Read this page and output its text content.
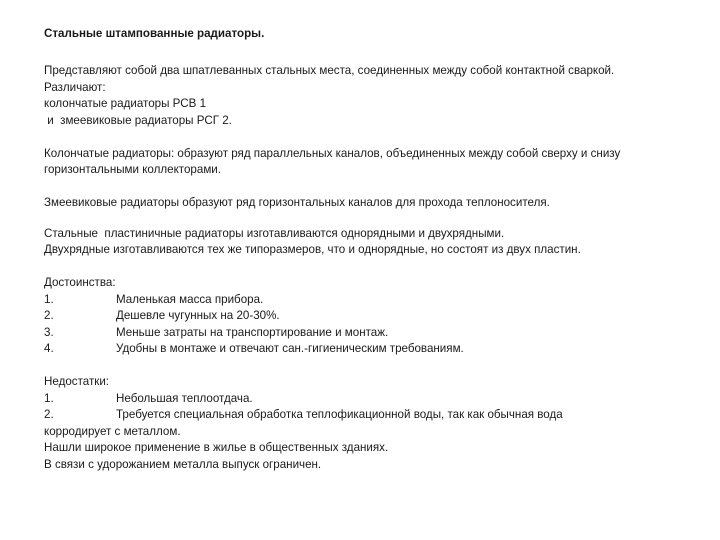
Стальные штампованные радиаторы.
Представляют собой два шпатлеванных стальных места, соединенных между собой контактной сваркой.
Различают:
колончатые радиаторы РСВ 1
и  змеевиковые радиаторы РСГ 2.
Колончатые радиаторы: образуют ряд параллельных каналов, объединенных между собой сверху и снизу
горизонтальными коллекторами.
Змеевиковые радиаторы образуют ряд горизонтальных каналов для прохода теплоносителя.
Стальные  пластиничные радиаторы изготавливаются однорядными и двухрядными.
Двухрядные изготавливаются тех же типоразмеров, что и однорядные, но состоят из двух пластин.
Достоинства:
1.	Маленькая масса прибора.
2.	Дешевле чугунных на 20-30%.
3.	Меньше затраты на транспортирование и монтаж.
4.	Удобны в монтаже и отвечают сан.-гигиеническим требованиям.
Недостатки:
1.	Небольшая теплоотдача.
2.	Требуется специальная обработка теплофикационной воды, так как обычная вода
корродирует с металлом.
Нашли широкое применение в жилье в общественных зданиях.
В связи с удорожанием металла выпуск ограничен.
